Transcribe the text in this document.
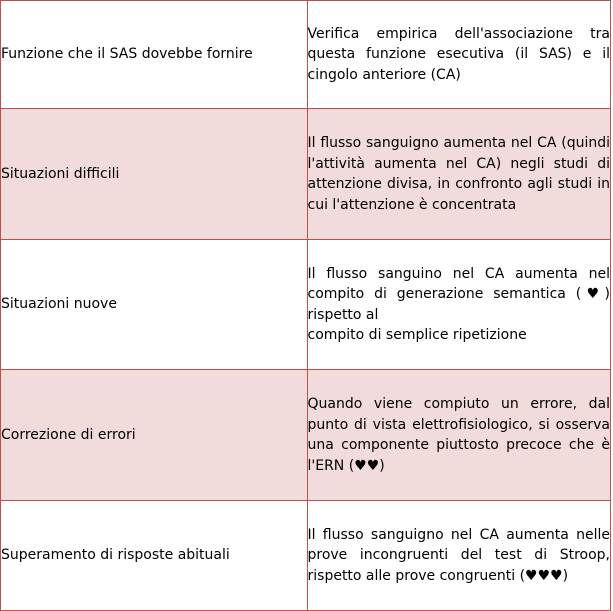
Funzione che il SAS dovebbe fornire	Verifica empirica dell'associazione tra questa funzione esecutiva (il SAS) e il cingolo anteriore (CA)
Situazioni difficili	Il flusso sanguigno aumenta nel CA (quindi l'attività aumenta nel CA) negli studi di attenzione divisa, in confronto agli studi in cui l'attenzione è concentrata
Situazioni nuove	Il flusso sanguino nel CA aumenta nel compito di generazione semantica (♥) rispetto al
compito di semplice ripetizione

Correzione di errori	Quando viene compiuto un errore, dal punto di vista elettrofisiologico, si osserva una componente piuttosto precoce che è l'ERN (♥♥)
Superamento di risposte abituali	Il flusso sanguigno nel CA aumenta nelle prove incongruenti del test di Stroop, rispetto alle prove congruenti (♥♥♥)
